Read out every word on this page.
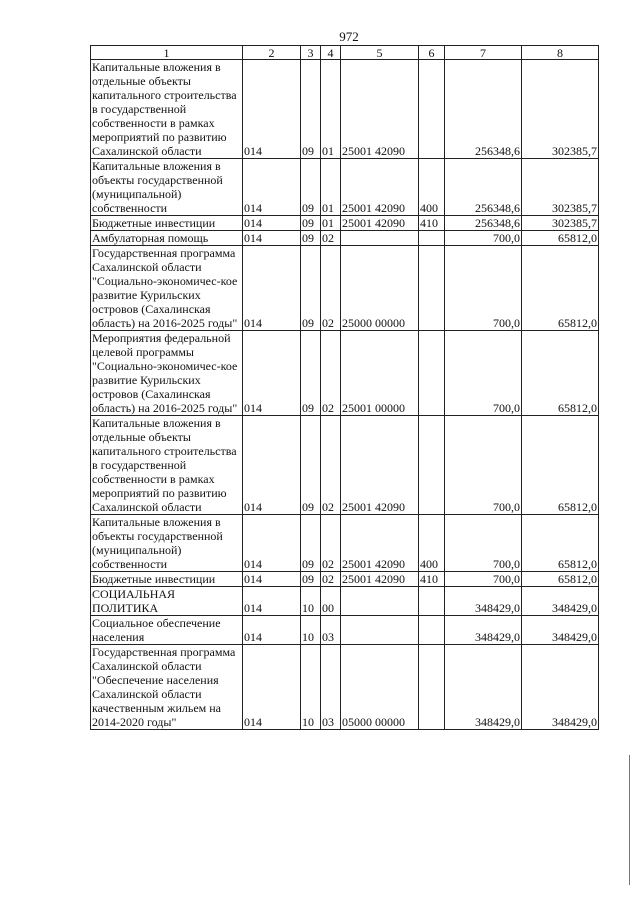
972
1	2	3	4	5	6	7	8
Капитальные вложения в отдельные объекты капитального строительства в государственной собственности в рамках мероприятий по развитию Сахалинской области	014	09	01	25001 42090		256348,6	302385,7
Капитальные вложения в объекты государственной (муниципальной) собственности	014	09	01	25001 42090	400	256348,6	302385,7
Бюджетные инвестиции	014	09	01	25001 42090	410	256348,6	302385,7
Амбулаторная помощь	014	09	02			700,0	65812,0
Государственная программа Сахалинской области "Социально-экономичес-кое развитие Курильских островов (Сахалинская область) на 2016-2025 годы"	014	09	02	25000 00000		700,0	65812,0
Мероприятия федеральной целевой программы "Социально-экономичес-кое развитие Курильских островов (Сахалинская область) на 2016-2025 годы"	014	09	02	25001 00000		700,0	65812,0
Капитальные вложения в отдельные объекты капитального строительства в государственной собственности в рамках мероприятий по развитию Сахалинской области	014	09	02	25001 42090		700,0	65812,0
Капитальные вложения в объекты государственной (муниципальной) собственности	014	09	02	25001 42090	400	700,0	65812,0
Бюджетные инвестиции	014	09	02	25001 42090	410	700,0	65812,0
СОЦИАЛЬНАЯ ПОЛИТИКА	014	10	00			348429,0	348429,0
Социальное обеспечение населения	014	10	03			348429,0	348429,0
Государственная программа Сахалинской области "Обеспечение населения Сахалинской области качественным жильем на 2014-2020 годы"	014	10	03	05000 00000		348429,0	348429,0
